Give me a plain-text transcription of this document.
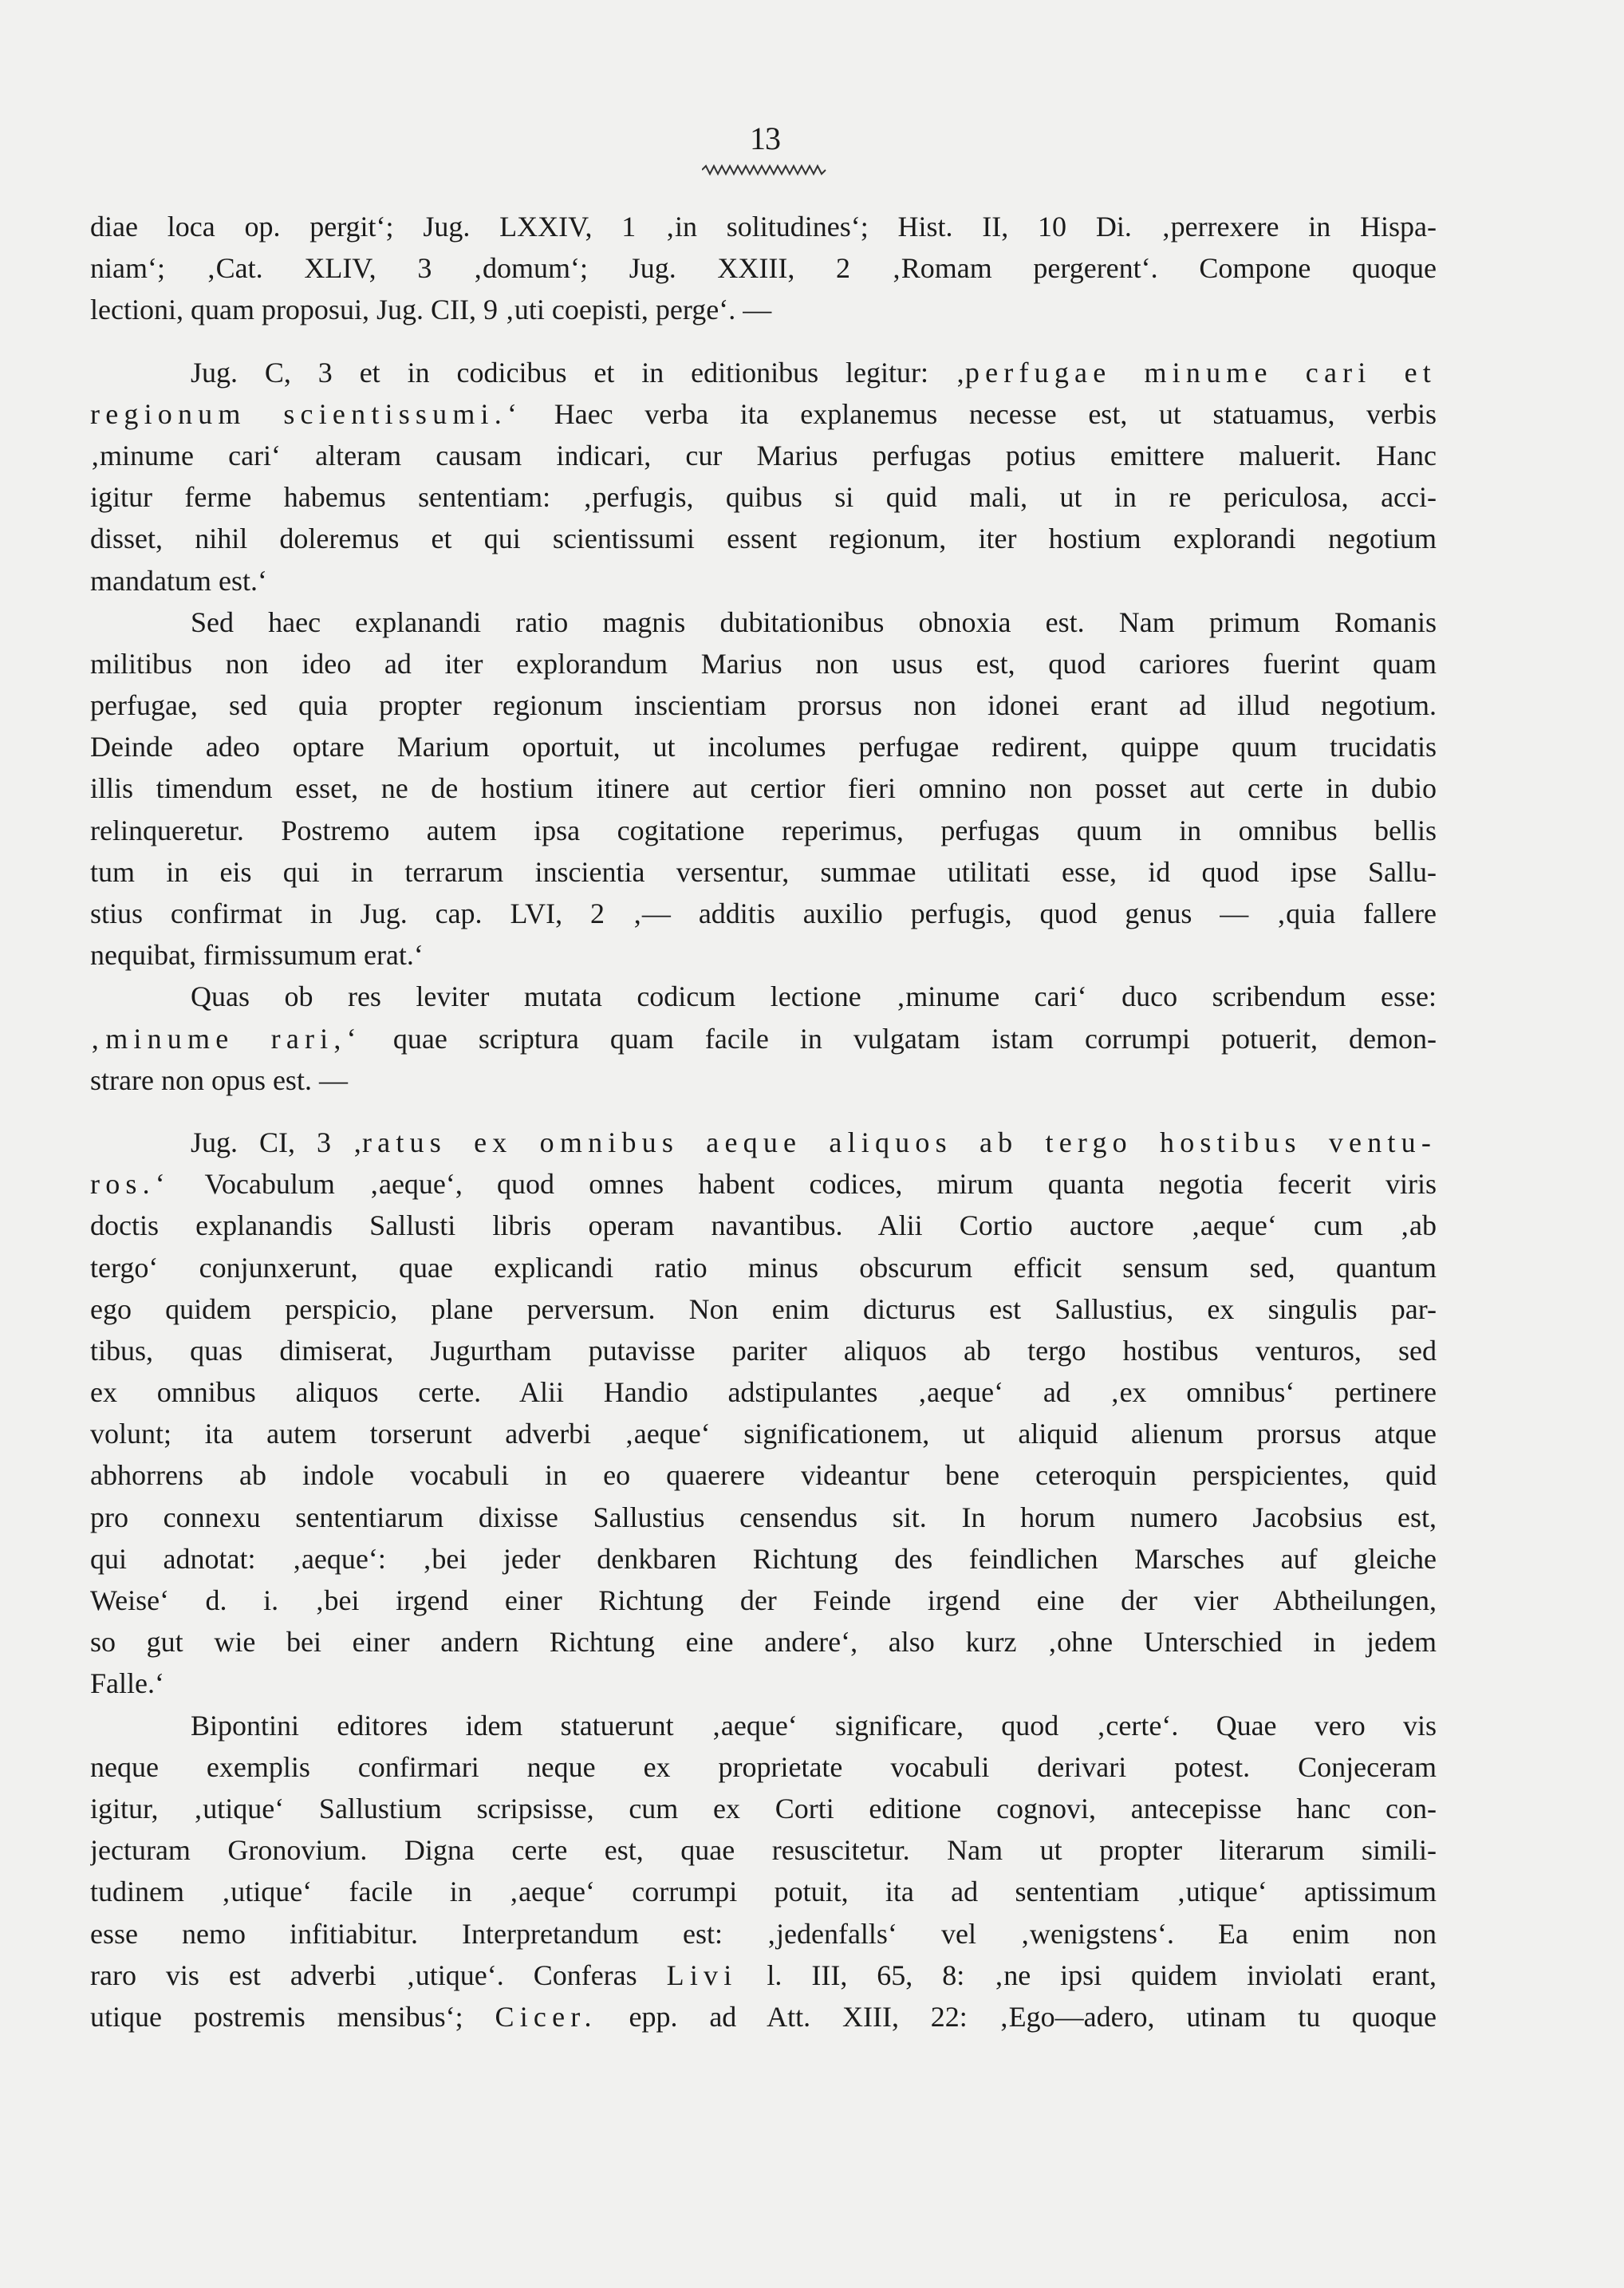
13
diae loca op. pergit‘; Jug. LXXIV, 1 ‚in solitudines‘; Hist. II, 10 Di. ‚perrexere in Hispa-
niam‘; ‚Cat. XLIV, 3 ‚domum‘; Jug. XXIII, 2 ‚Romam pergerent‘. Compone quoque
lectioni, quam proposui, Jug. CII, 9 ‚uti coepisti, perge‘. —
Jug. C, 3 et in codicibus et in editionibus legitur: ‚perfugae minume cari et
regionum scientissumi.‘ Haec verba ita explanemus necesse est, ut statuamus, verbis
‚minume cari‘ alteram causam indicari, cur Marius perfugas potius emittere maluerit. Hanc
igitur ferme habemus sententiam: ‚perfugis, quibus si quid mali, ut in re periculosa, acci-
disset, nihil doleremus et qui scientissumi essent regionum, iter hostium explorandi negotium
mandatum est.‘
Sed haec explanandi ratio magnis dubitationibus obnoxia est. Nam primum Romanis
militibus non ideo ad iter explorandum Marius non usus est, quod cariores fuerint quam
perfugae, sed quia propter regionum inscientiam prorsus non idonei erant ad illud negotium.
Deinde adeo optare Marium oportuit, ut incolumes perfugae redirent, quippe quum trucidatis
illis timendum esset, ne de hostium itinere aut certior fieri omnino non posset aut certe in dubio
relinqueretur. Postremo autem ipsa cogitatione reperimus, perfugas quum in omnibus bellis
tum in eis qui in terrarum inscientia versentur, summae utilitati esse, id quod ipse Sallu-
stius confirmat in Jug. cap. LVI, 2 ‚— additis auxilio perfugis, quod genus — ‚quia fallere
nequibat, firmissumum erat.‘
Quas ob res leviter mutata codicum lectione ‚minume cari‘ duco scribendum esse:
‚minume rari,‘ quae scriptura quam facile in vulgatam istam corrumpi potuerit, demon-
strare non opus est. —
Jug. CI, 3 ‚ratus ex omnibus aeque aliquos ab tergo hostibus ventu-
ros.‘ Vocabulum ‚aeque‘, quod omnes habent codices, mirum quanta negotia fecerit viris
doctis explanandis Sallusti libris operam navantibus. Alii Cortio auctore ‚aeque‘ cum ‚ab
tergo‘ conjunxerunt, quae explicandi ratio minus obscurum efficit sensum sed, quantum
ego quidem perspicio, plane perversum. Non enim dicturus est Sallustius, ex singulis par-
tibus, quas dimiserat, Jugurtham putavisse pariter aliquos ab tergo hostibus venturos, sed
ex omnibus aliquos certe. Alii Handio adstipulantes ‚aeque‘ ad ‚ex omnibus‘ pertinere
volunt; ita autem torserunt adverbi ‚aeque‘ significationem, ut aliquid alienum prorsus atque
abhorrens ab indole vocabuli in eo quaerere videantur bene ceteroquin perspicientes, quid
pro connexu sententiarum dixisse Sallustius censendus sit. In horum numero Jacobsius est,
qui adnotat: ‚aeque‘: ‚bei jeder denkbaren Richtung des feindlichen Marsches auf gleiche
Weise‘ d. i. ‚bei irgend einer Richtung der Feinde irgend eine der vier Abtheilungen,
so gut wie bei einer andern Richtung eine andere‘, also kurz ‚ohne Unterschied in jedem
Falle.‘
Bipontini editores idem statuerunt ‚aeque‘ significare, quod ‚certe‘. Quae vero vis
neque exemplis confirmari neque ex proprietate vocabuli derivari potest. Conjeceram
igitur, ‚utique‘ Sallustium scripsisse, cum ex Corti editione cognovi, antecepisse hanc con-
jecturam Gronovium. Digna certe est, quae resuscitetur. Nam ut propter literarum simili-
tudinem ‚utique‘ facile in ‚aeque‘ corrumpi potuit, ita ad sententiam ‚utique‘ aptissimum
esse nemo infitiabitur. Interpretandum est: ‚jedenfalls‘ vel ‚wenigstens‘. Ea enim non
raro vis est adverbi ‚utique‘. Conferas Livi l. III, 65, 8: ‚ne ipsi quidem inviolati erant,
utique postremis mensibus‘; Cicer. epp. ad Att. XIII, 22: ‚Ego—adero, utinam tu quoque
